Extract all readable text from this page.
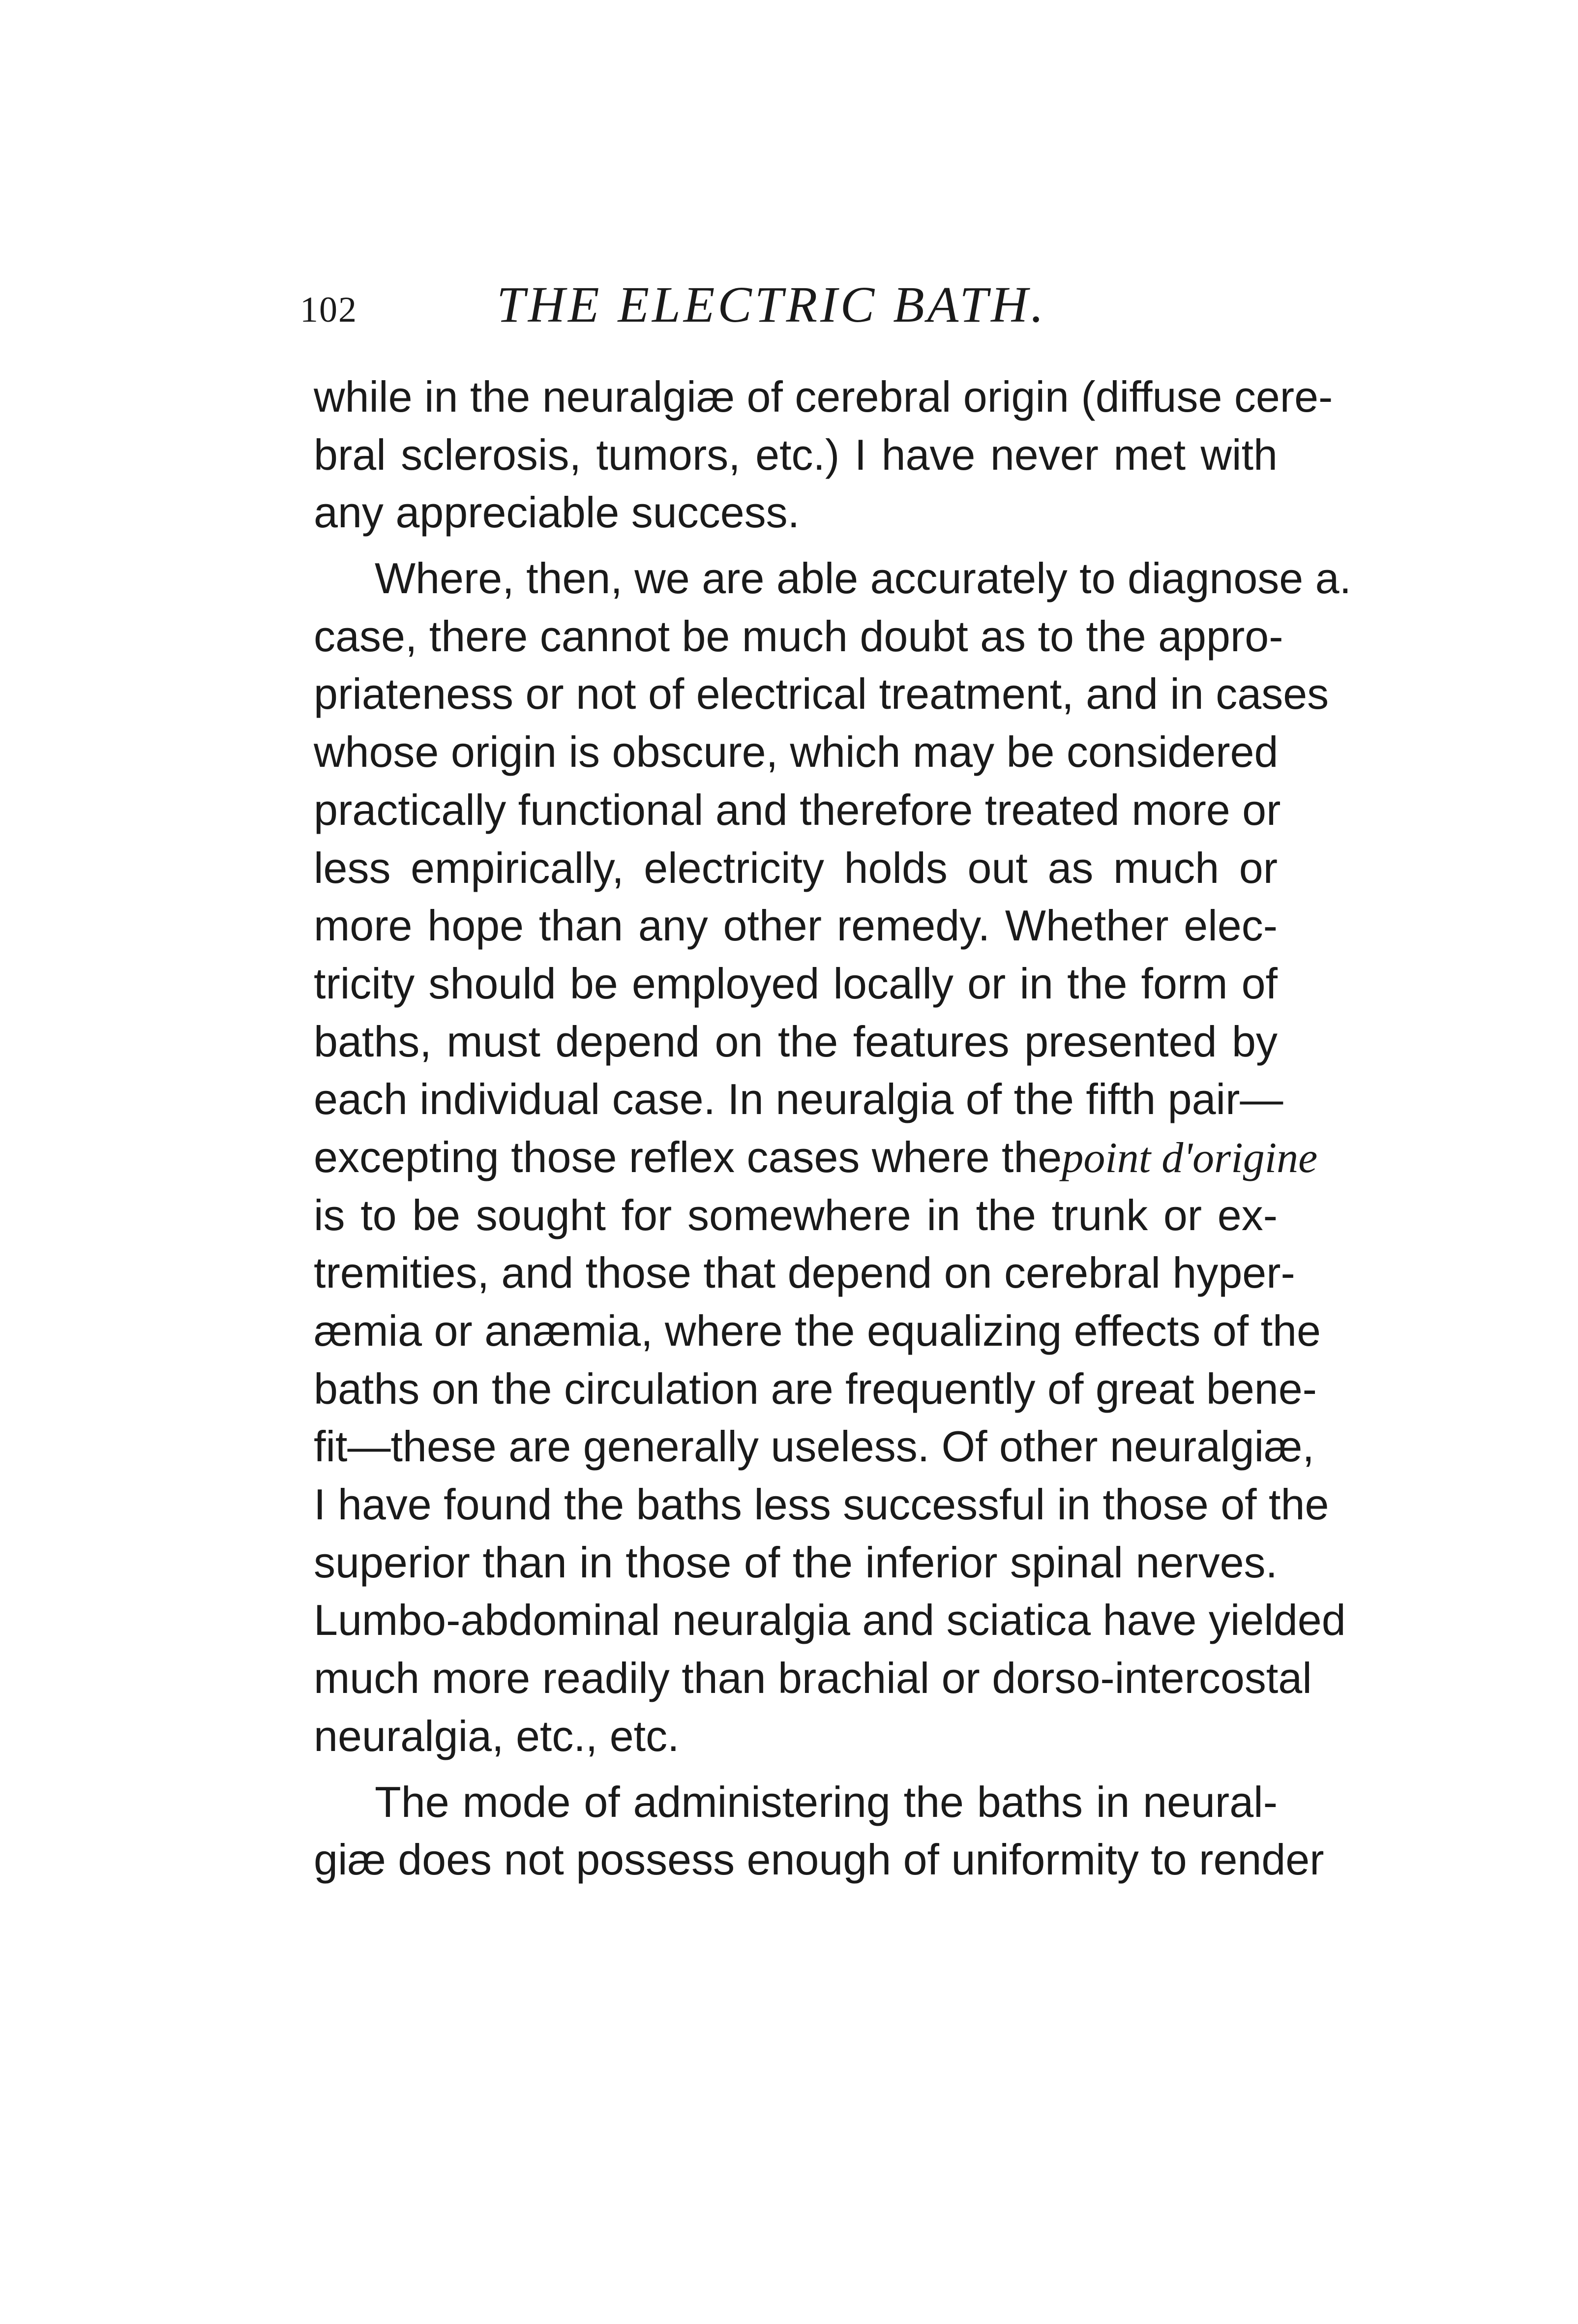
102	THE ELECTRIC BATH.
while in the neuralgiæ of cerebral origin (diffuse cere-
bral sclerosis, tumors, etc.) I have never met with
any appreciable success.
Where, then, we are able accurately to diagnose a.
case, there cannot be much doubt as to the appro-
priateness or not of electrical treatment, and in cases
whose origin is obscure, which may be considered
practically functional and therefore treated more or
less empirically, electricity holds out as much or
more hope than any other remedy. Whether elec-
tricity should be employed locally or in the form of
baths, must depend on the features presented by
each individual case. In neuralgia of the fifth pair—
excepting those reflex cases where thepoint d'origine
is to be sought for somewhere in the trunk or ex-
tremities, and those that depend on cerebral hyper-
æmia or anæmia, where the equalizing effects of the
baths on the circulation are frequently of great bene-
fit—these are generally useless. Of other neuralgiæ,
I have found the baths less successful in those of the
superior than in those of the inferior spinal nerves.
Lumbo-abdominal neuralgia and sciatica have yielded
much more readily than brachial or dorso-intercostal
neuralgia, etc., etc.
The mode of administering the baths in neural-
giæ does not possess enough of uniformity to render
